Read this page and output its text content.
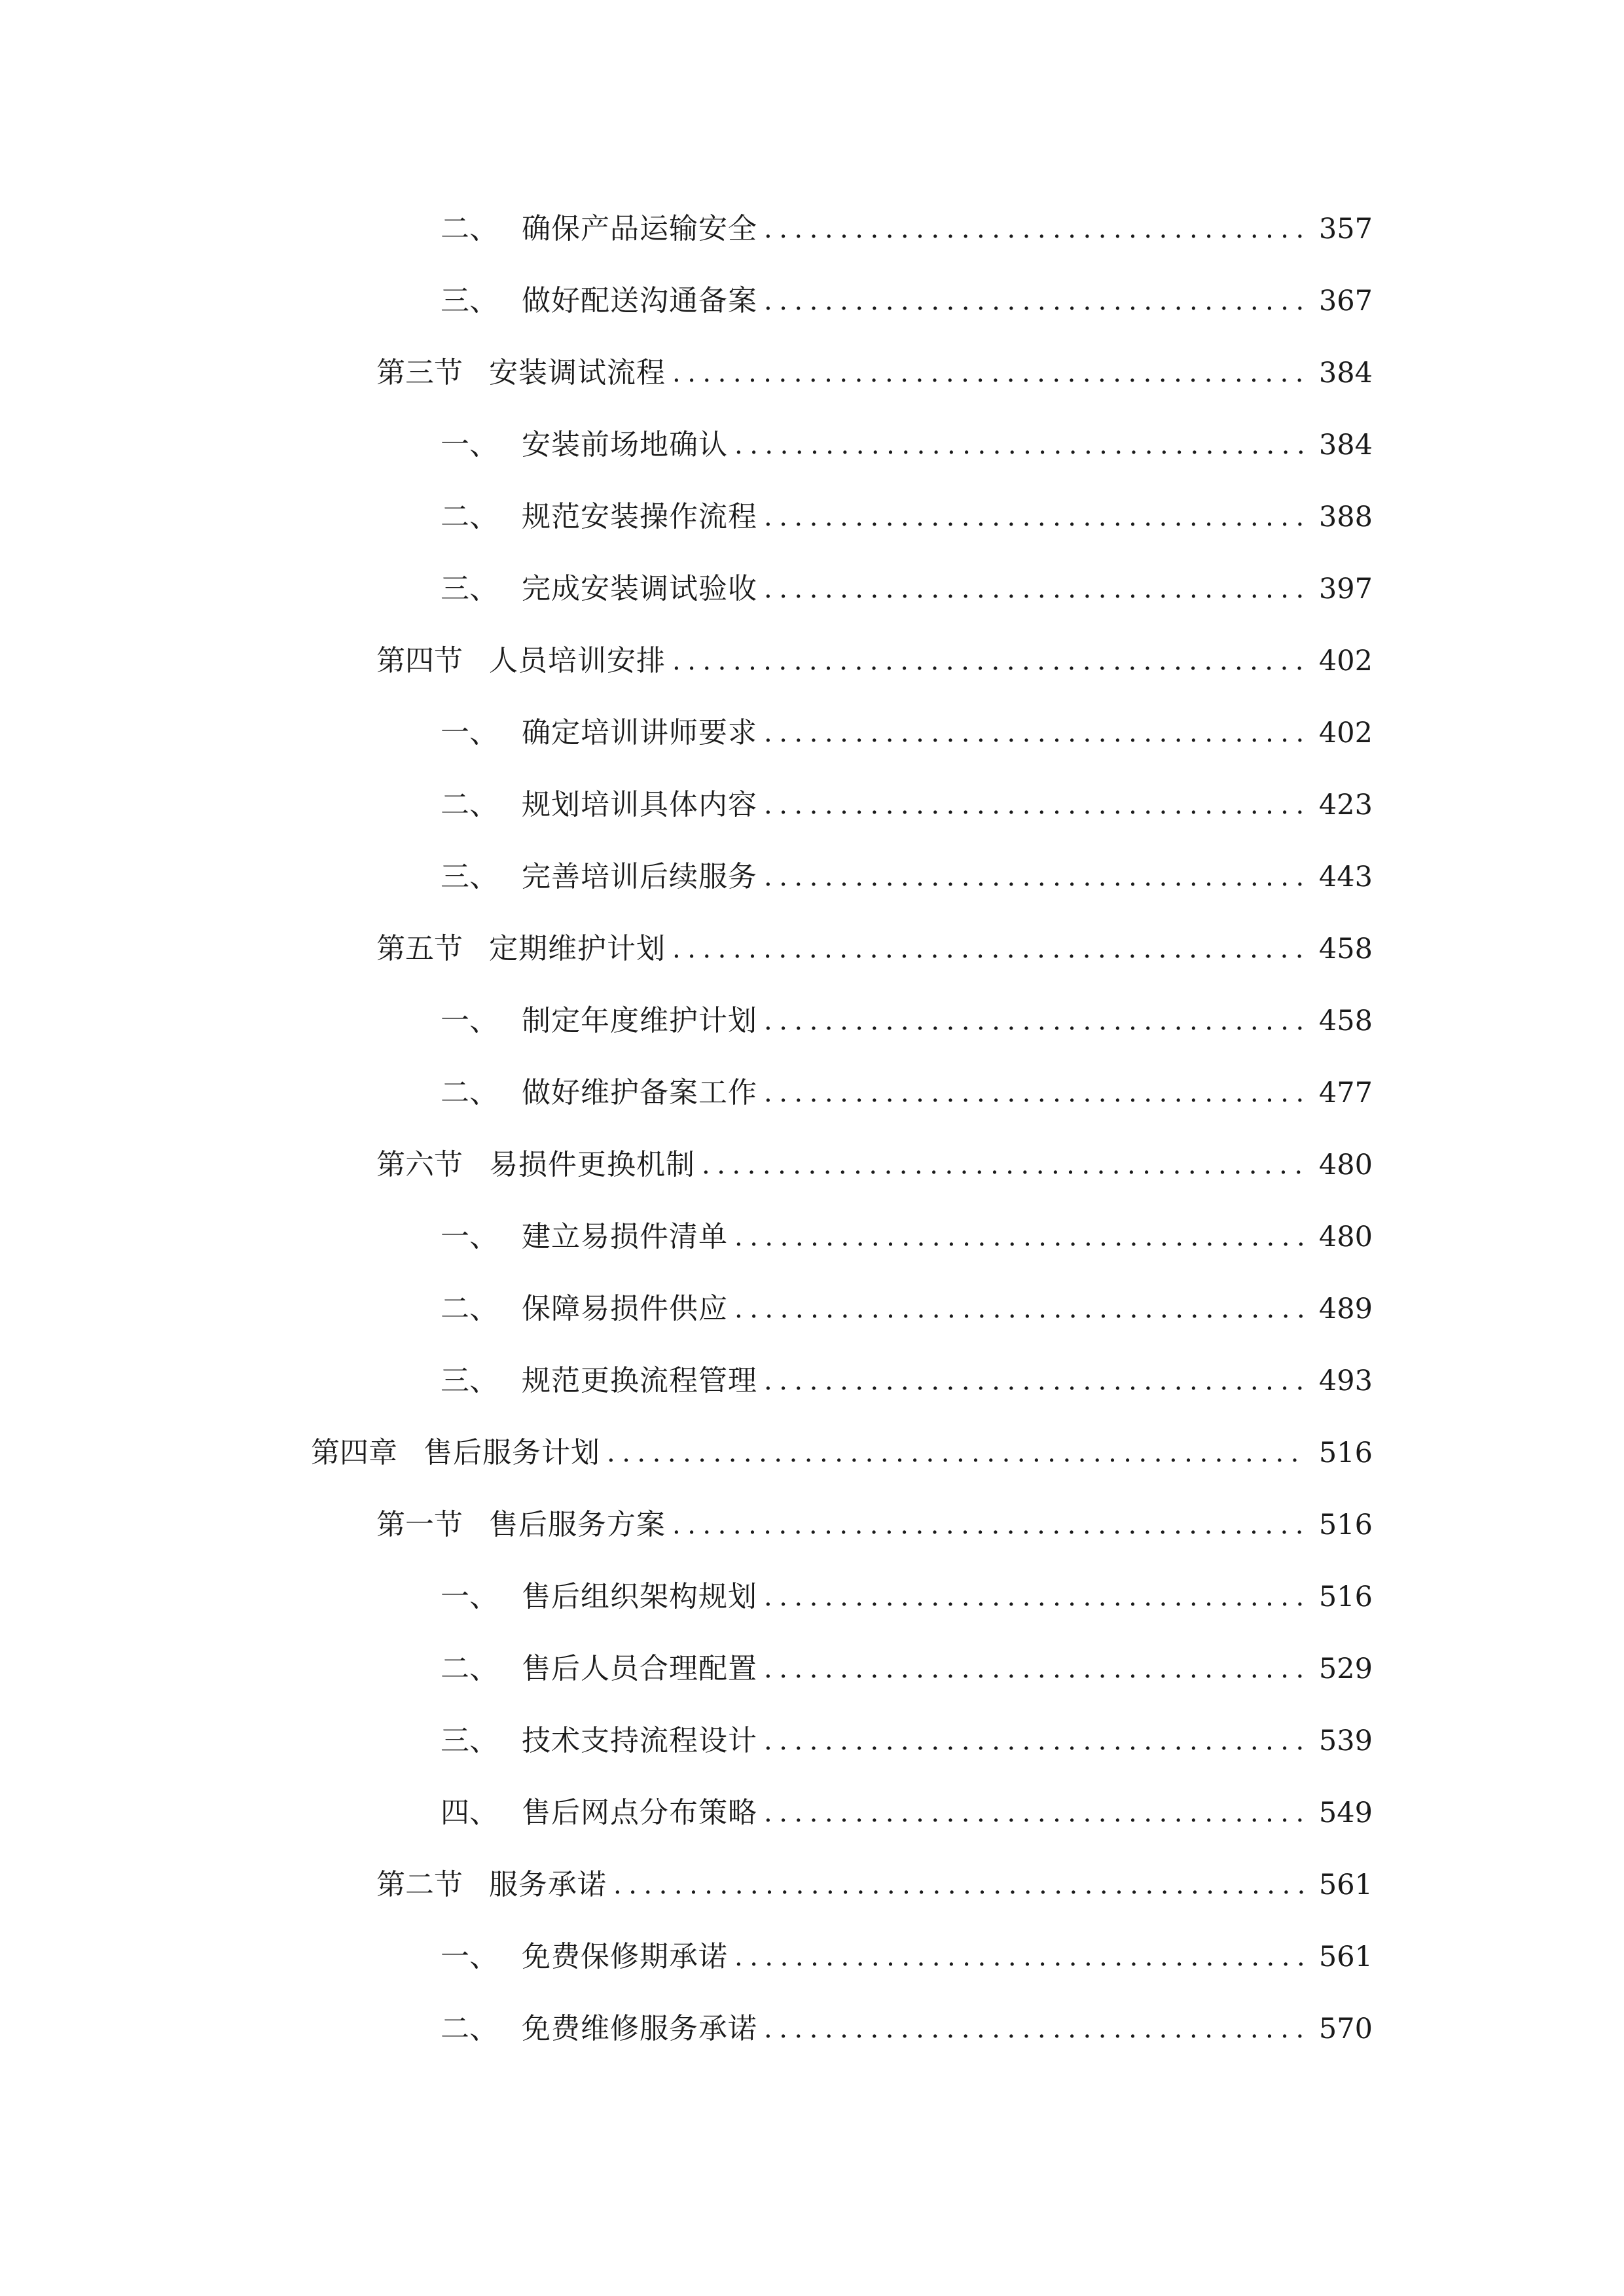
二、 确保产品运输安全 .....	357
三、 做好配送沟通备案 .....	367
第三节 安装调试流程 .....	384
一、 安装前场地确认 .....	384
二、 规范安装操作流程 .....	388
三、 完成安装调试验收 .....	397
第四节 人员培训安排 .....	402
一、 确定培训讲师要求 .....	402
二、 规划培训具体内容 .....	423
三、 完善培训后续服务 .....	443
第五节 定期维护计划 .....	458
一、 制定年度维护计划 .....	458
二、 做好维护备案工作 .....	477
第六节 易损件更换机制 .....	480
一、 建立易损件清单 .....	480
二、 保障易损件供应 .....	489
三、 规范更换流程管理 .....	493
第四章 售后服务计划 .....	516
第一节 售后服务方案 .....	516
一、 售后组织架构规划 .....	516
二、 售后人员合理配置 .....	529
三、 技术支持流程设计 .....	539
四、 售后网点分布策略 .....	549
第二节 服务承诺 .....	561
一、 免费保修期承诺 .....	561
二、 免费维修服务承诺 .....	570
